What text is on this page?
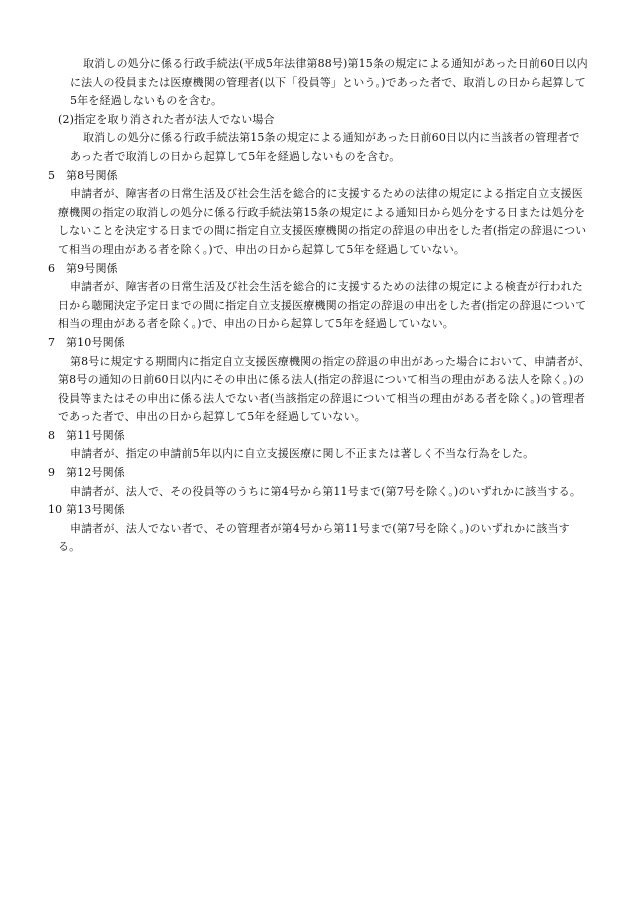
取消しの処分に係る行政手続法(平成5年法律第88号)第15条の規定による通知があった日前60日以内に法人の役員または医療機関の管理者(以下「役員等」という。)であった者で、取消しの日から起算して5年を経過しないものを含む。

(2)指定を取り消された者が法人でない場合

取消しの処分に係る行政手続法第15条の規定による通知があった日前60日以内に当該者の管理者であった者で取消しの日から起算して5年を経過しないものを含む。

5 第8号関係

申請者が、障害者の日常生活及び社会生活を総合的に支援するための法律の規定による指定自立支援医療機関の指定の取消しの処分に係る行政手続法第15条の規定による通知日から処分をする日または処分をしないことを決定する日までの間に指定自立支援医療機関の指定の辞退の申出をした者(指定の辞退について相当の理由がある者を除く。)で、申出の日から起算して5年を経過していない。

6 第9号関係

申請者が、障害者の日常生活及び社会生活を総合的に支援するための法律の規定による検査が行われた日から聴聞決定予定日までの間に指定自立支援医療機関の指定の辞退の申出をした者(指定の辞退について相当の理由がある者を除く。)で、申出の日から起算して5年を経過していない。

7 第10号関係

第8号に規定する期間内に指定自立支援医療機関の指定の辞退の申出があった場合において、申請者が、第8号の通知の日前60日以内にその申出に係る法人(指定の辞退について相当の理由がある法人を除く。)の役員等またはその申出に係る法人でない者(当該指定の辞退について相当の理由がある者を除く。)の管理者であった者で、申出の日から起算して5年を経過していない。

8 第11号関係

申請者が、指定の申請前5年以内に自立支援医療に関し不正または著しく不当な行為をした。

9 第12号関係

申請者が、法人で、その役員等のうちに第4号から第11号まで(第7号を除く。)のいずれかに該当する。

10 第13号関係

申請者が、法人でない者で、その管理者が第4号から第11号まで(第7号を除く。)のいずれかに該当する。
